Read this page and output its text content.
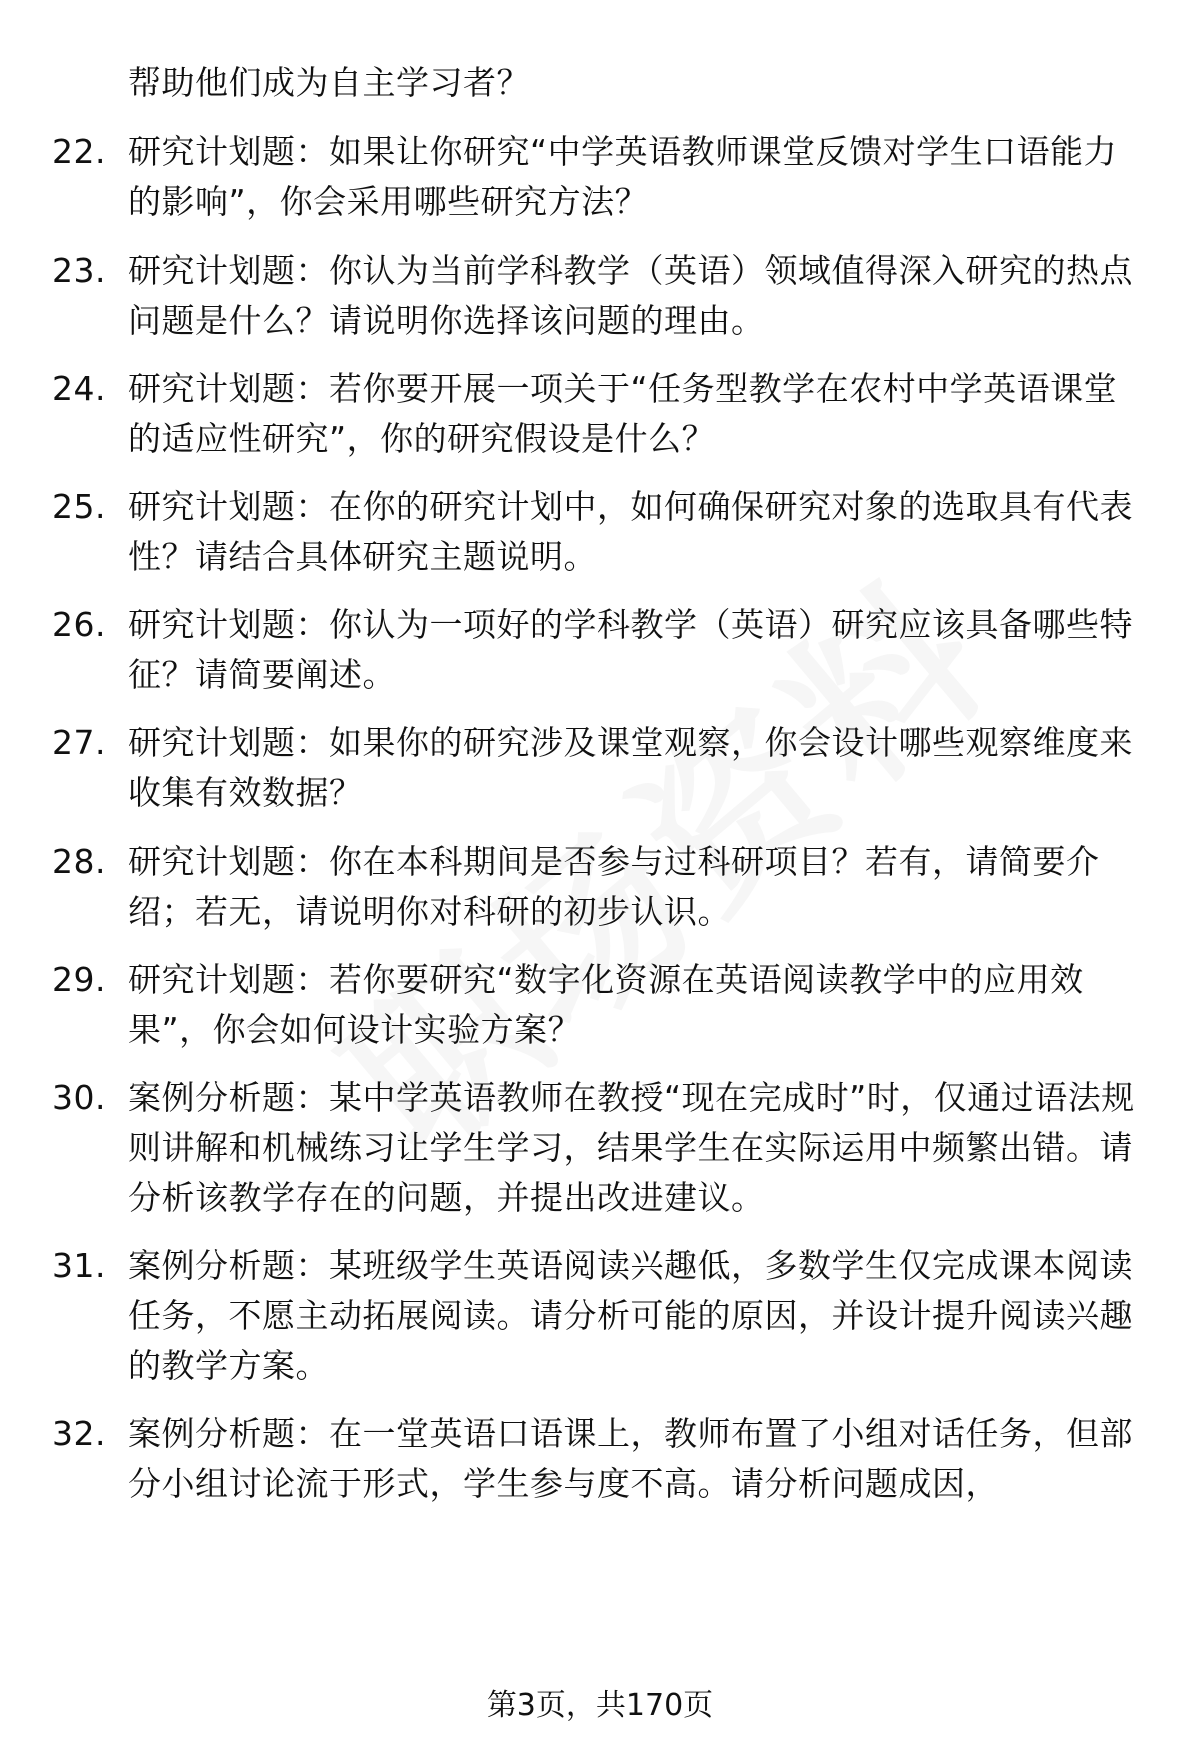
帮助他们成为自主学习者？
22. 研究计划题：如果让你研究“中学英语教师课堂反馈对学生口语能力的影响”，你会采用哪些研究方法？
23. 研究计划题：你认为当前学科教学（英语）领域值得深入研究的热点问题是什么？请说明你选择该问题的理由。
24. 研究计划题：若你要开展一项关于“任务型教学在农村中学英语课堂的适应性研究”，你的研究假设是什么？
25. 研究计划题：在你的研究计划中，如何确保研究对象的选取具有代表性？请结合具体研究主题说明。
26. 研究计划题：你认为一项好的学科教学（英语）研究应该具备哪些特征？请简要阐述。
27. 研究计划题：如果你的研究涉及课堂观察，你会设计哪些观察维度来收集有效数据？
28. 研究计划题：你在本科期间是否参与过科研项目？若有，请简要介绍；若无，请说明你对科研的初步认识。
29. 研究计划题：若你要研究“数字化资源在英语阅读教学中的应用效果”，你会如何设计实验方案？
30. 案例分析题：某中学英语教师在教授“现在完成时”时，仅通过语法规则讲解和机械练习让学生学习，结果学生在实际运用中频繁出错。请分析该教学存在的问题，并提出改进建议。
31. 案例分析题：某班级学生英语阅读兴趣低，多数学生仅完成课本阅读任务，不愿主动拓展阅读。请分析可能的原因，并设计提升阅读兴趣的教学方案。
32. 案例分析题：在一堂英语口语课上，教师布置了小组对话任务，但部分小组讨论流于形式，学生参与度不高。请分析问题成因，
第3页，共170页
